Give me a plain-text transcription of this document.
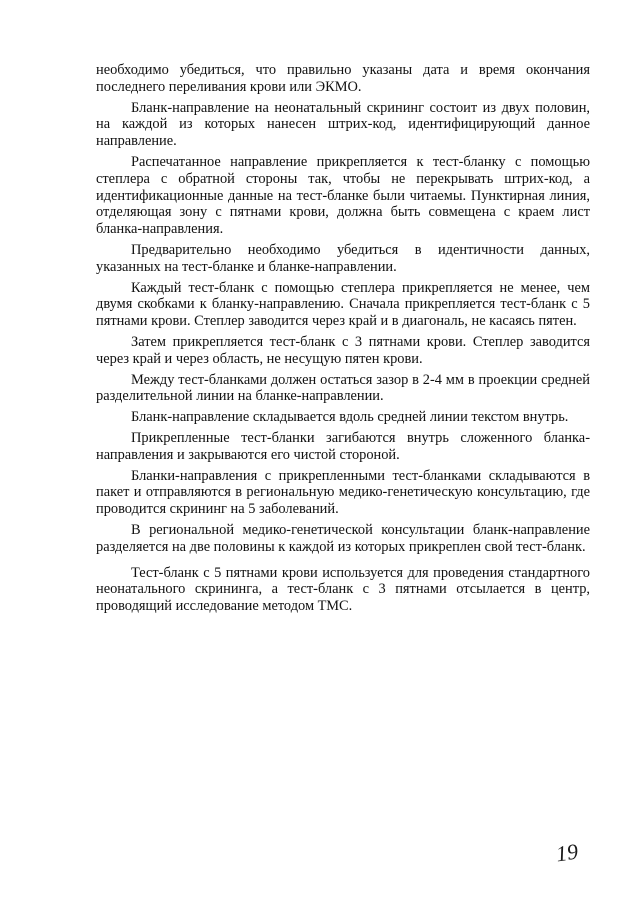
необходимо убедиться, что правильно указаны дата и время окончания последнего переливания крови или ЭКМО.

Бланк-направление на неонатальный скрининг состоит из двух половин, на каждой из которых нанесен штрих-код, идентифицирующий данное направление.

Распечатанное направление прикрепляется к тест-бланку с помощью степлера с обратной стороны так, чтобы не перекрывать штрих-код, а идентификационные данные на тест-бланке были читаемы. Пунктирная линия, отделяющая зону с пятнами крови, должна быть совмещена с краем лист бланка-направления.

Предварительно необходимо убедиться в идентичности данных, указанных на тест-бланке и бланке-направлении.

Каждый тест-бланк с помощью степлера прикрепляется не менее, чем двумя скобками к бланку-направлению. Сначала прикрепляется тест-бланк с 5 пятнами крови. Степлер заводится через край и в диагональ, не касаясь пятен.

Затем прикрепляется тест-бланк с 3 пятнами крови. Степлер заводится через край и через область, не несущую пятен крови.

Между тест-бланками должен остаться зазор в 2-4 мм в проекции средней разделительной линии на бланке-направлении.

Бланк-направление складывается вдоль средней линии текстом внутрь.

Прикрепленные тест-бланки загибаются внутрь сложенного бланка-направления и закрываются его чистой стороной.

Бланки-направления с прикрепленными тест-бланками складываются в пакет и отправляются в региональную медико-генетическую консультацию, где проводится скрининг на 5 заболеваний.

В региональной медико-генетической консультации бланк-направление разделяется на две половины к каждой из которых прикреплен свой тест-бланк.

Тест-бланк с 5 пятнами крови используется для проведения стандартного неонатального скрининга, а тест-бланк с 3 пятнами отсылается в центр, проводящий исследование методом ТМС.

19
